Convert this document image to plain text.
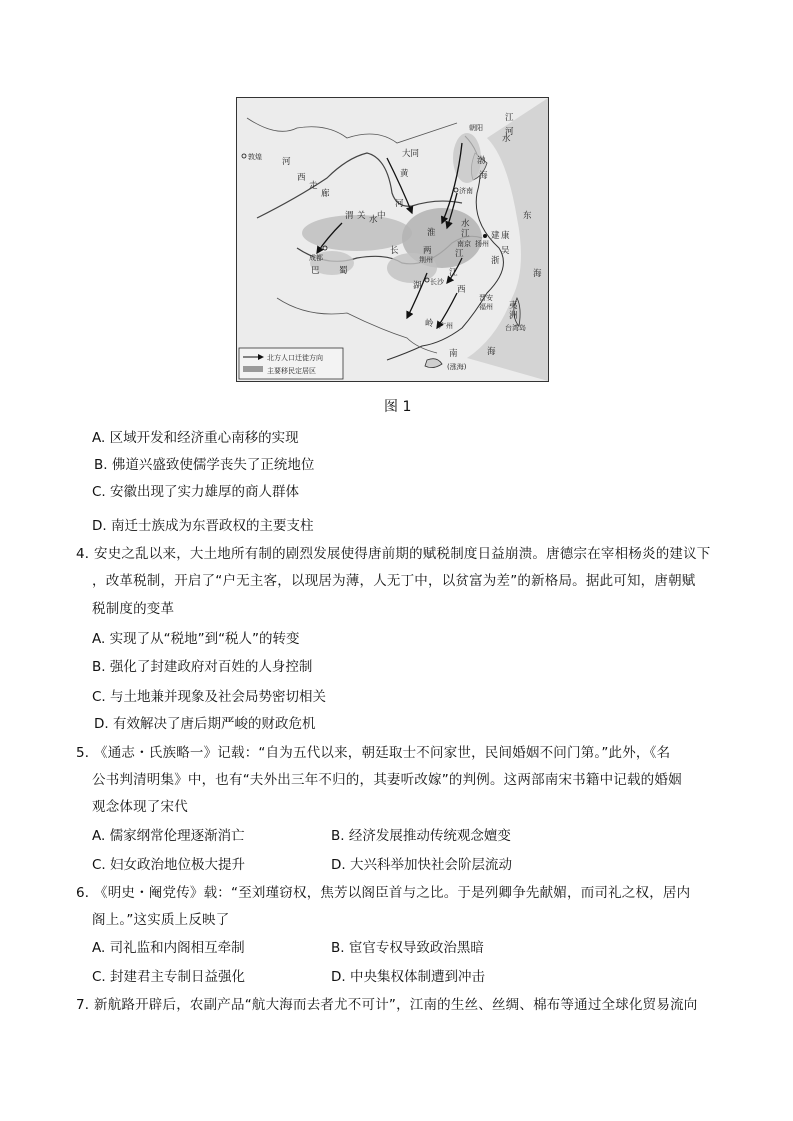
敦煌 河
西
走
廊
大同
黄
河
渭 关 中
水
朝阳
江
河
水
渤
海
济南
淮
水
江
南京 扬州
建 康
东
成都
巴 蜀
长	两
荆州
江
浙
吴
江
西
湖 长沙
晋安
福州
海
夷
洲
台湾岛
岭 广州
南	海
(涨海)
北方人口迁徙方向
主要移民定居区
图 1
A. 区域开发和经济重心南移的实现
B. 佛道兴盛致使儒学丧失了正统地位
C. 安徽出现了实力雄厚的商人群体
D. 南迁士族成为东晋政权的主要支柱
4．安史之乱以来，大土地所有制的剧烈发展使得唐前期的赋税制度日益崩溃。唐德宗在宰相杨炎的建议下
，改革税制，开启了“户无主客，以现居为薄，人无丁中，以贫富为差”的新格局。据此可知，唐朝赋
税制度的变革
A. 实现了从“税地”到“税人”的转变
B. 强化了封建政府对百姓的人身控制
C. 与土地兼并现象及社会局势密切相关
D. 有效解决了唐后期严峻的财政危机
5．《通志・氏族略一》记载：“自为五代以来，朝廷取士不问家世，民间婚姻不问门第。”此外，《名
公书判清明集》中，也有“夫外出三年不归的，其妻听改嫁”的判例。这两部南宋书籍中记载的婚姻
观念体现了宋代
A. 儒家纲常伦理逐渐消亡	B. 经济发展推动传统观念嬗变
C. 妇女政治地位极大提升	D. 大兴科举加快社会阶层流动
6．《明史・阉党传》载：“至刘瑾窃权，焦芳以阁臣首与之比。于是列卿争先献媚，而司礼之权，居内
阁上。”这实质上反映了
A. 司礼监和内阁相互牵制	B. 宦官专权导致政治黑暗
C. 封建君主专制日益强化	D. 中央集权体制遭到冲击
7．新航路开辟后，农副产品“航大海而去者尤不可计”，江南的生丝、丝绸、棉布等通过全球化贸易流向
